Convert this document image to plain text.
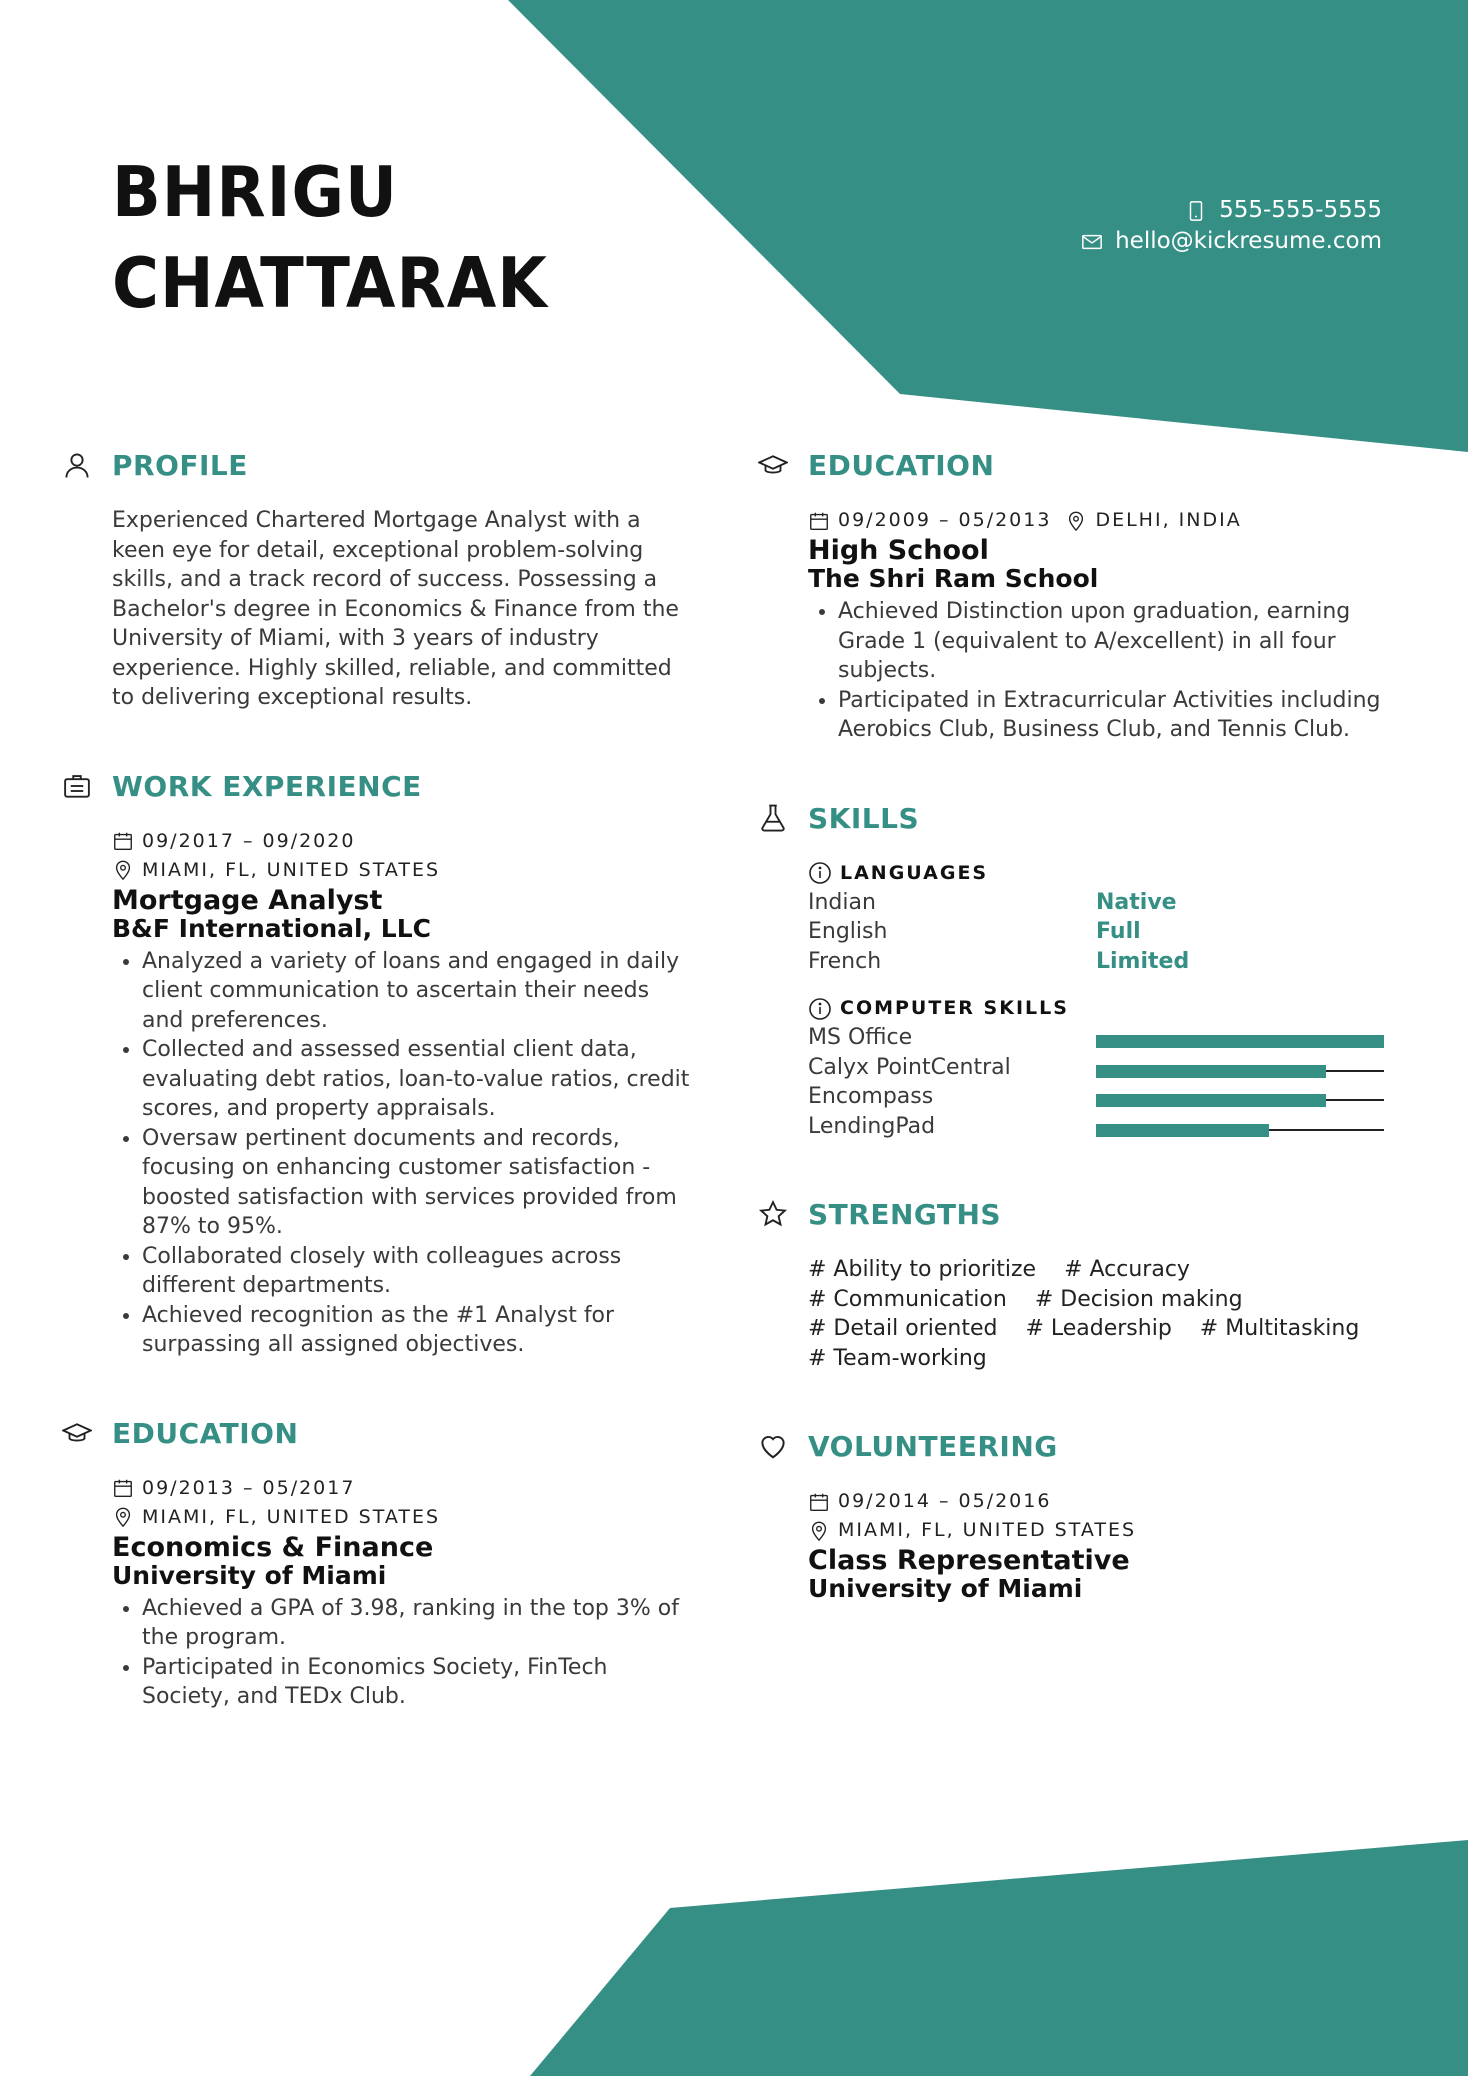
BHRIGU
CHATTARAK
555-555-5555
hello@kickresume.com
PROFILE
Experienced Chartered Mortgage Analyst with a keen eye for detail, exceptional problem-solving skills, and a track record of success. Possessing a Bachelor's degree in Economics & Finance from the University of Miami, with 3 years of industry experience. Highly skilled, reliable, and committed to delivering exceptional results.
WORK EXPERIENCE
09/2017 – 09/2020
MIAMI, FL, UNITED STATES
Mortgage Analyst
B&F International, LLC
• Analyzed a variety of loans and engaged in daily client communication to ascertain their needs and preferences.
• Collected and assessed essential client data, evaluating debt ratios, loan-to-value ratios, credit scores, and property appraisals.
• Oversaw pertinent documents and records, focusing on enhancing customer satisfaction - boosted satisfaction with services provided from 87% to 95%.
• Collaborated closely with colleagues across different departments.
• Achieved recognition as the #1 Analyst for surpassing all assigned objectives.
EDUCATION
09/2013 – 05/2017
MIAMI, FL, UNITED STATES
Economics & Finance
University of Miami
• Achieved a GPA of 3.98, ranking in the top 3% of the program.
• Participated in Economics Society, FinTech Society, and TEDx Club.
EDUCATION
09/2009 – 05/2013 DELHI, INDIA
High School
The Shri Ram School
• Achieved Distinction upon graduation, earning Grade 1 (equivalent to A/excellent) in all four subjects.
• Participated in Extracurricular Activities including Aerobics Club, Business Club, and Tennis Club.
SKILLS
LANGUAGES
Indian	Native
English	Full
French	Limited
COMPUTER SKILLS
MS Office
Calyx PointCentral
Encompass
LendingPad
STRENGTHS
# Ability to prioritize # Accuracy
# Communication # Decision making
# Detail oriented # Leadership # Multitasking
# Team-working
VOLUNTEERING
09/2014 – 05/2016
MIAMI, FL, UNITED STATES
Class Representative
University of Miami
